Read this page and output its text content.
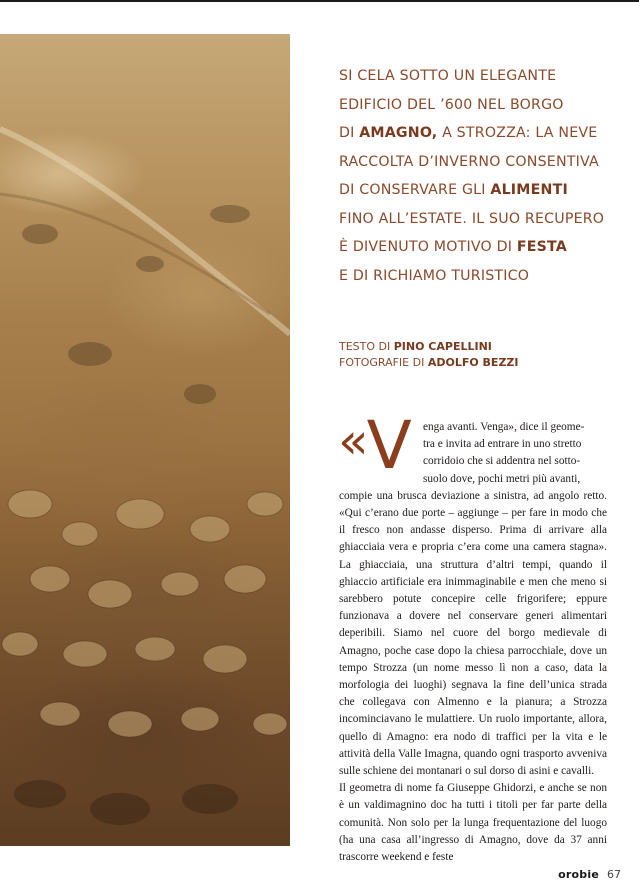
SI CELA SOTTO UN ELEGANTE
EDIFICIO DEL ’600 NEL BORGO
DI AMAGNO, A STROZZA: LA NEVE
RACCOLTA D’INVERNO CONSENTIVA
DI CONSERVARE GLI ALIMENTI
FINO ALL’ESTATE. IL SUO RECUPERO
È DIVENUTO MOTIVO DI FESTA
E DI RICHIAMO TURISTICO
TESTO DI PINO CAPELLINI
FOTOGRAFIE DI ADOLFO BEZZI
«V enga avanti. Venga», dice il geome-
tra e invita ad entrare in uno stretto
corridoio che si addentra nel sotto-
suolo dove, pochi metri più avanti,

compie una brusca deviazione a sinistra, ad angolo retto. «Qui c’erano due porte – aggiunge – per fare in modo che il fresco non andasse disperso. Prima di arrivare alla ghiacciaia vera e propria c’era come una camera stagna». La ghiacciaia, una struttura d’altri tempi, quando il ghiaccio artificiale era inimmaginabile e men che meno si sarebbero potute concepire celle frigorifere; eppure funzionava a dovere nel conservare generi alimentari deperibili. Siamo nel cuore del borgo medievale di Amagno, poche case dopo la chiesa parrocchiale, dove un tempo Strozza (un nome messo lì non a caso, data la morfologia dei luoghi) segnava la fine dell’unica strada che collegava con Almenno e la pianura; a Strozza incominciavano le mulattiere. Un ruolo importante, allora, quello di Amagno: era nodo di traffici per la vita e le attività della Valle Imagna, quando ogni trasporto avveniva sulle schiene dei montanari o sul dorso di asini e cavalli.

Il geometra di nome fa Giuseppe Ghidorzi, e anche se non è un valdimagnino doc ha tutti i titoli per far parte della comunità. Non solo per la lunga frequentazione del luogo (ha una casa all’ingresso di Amagno, dove da 37 anni trascorre weekend e feste

orobie 67
